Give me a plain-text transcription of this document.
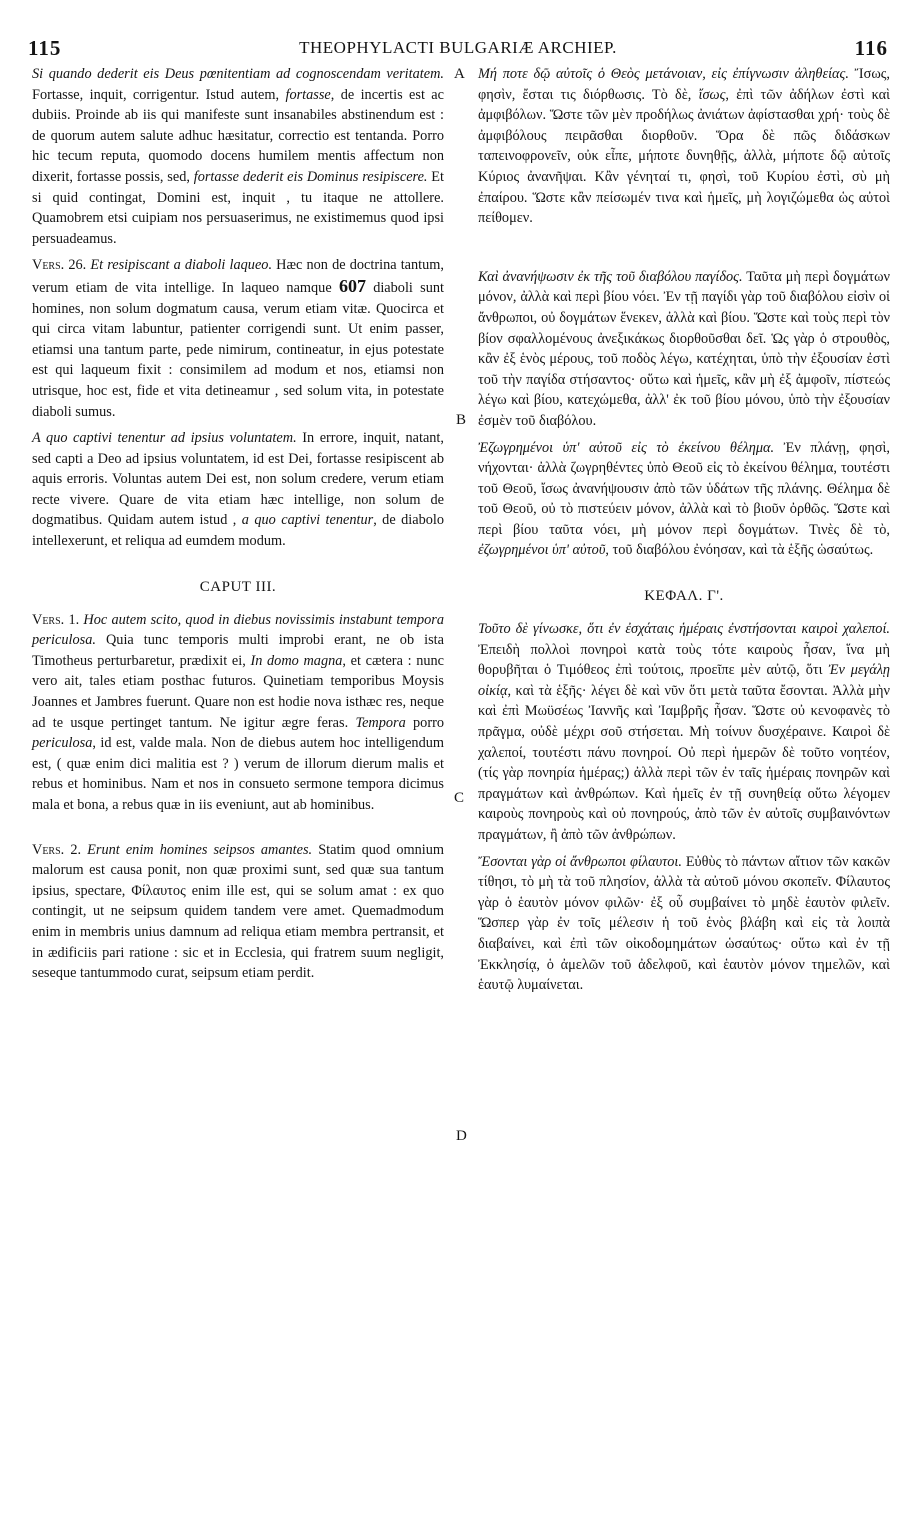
115	THEOPHYLACTI BULGARIÆ ARCHIEP.	116
A
B
C
D

Si quando dederit eis Deus pœnitentiam ad cognoscendam veritatem. Fortasse, inquit, corrigentur. Istud autem, fortasse, de incertis est ac dubiis. Proinde ab iis qui manifeste sunt insanabiles abstinendum est : de quorum autem salute adhuc hæsitatur, correctio est tentanda. Porro hic tecum reputa, quomodo docens humilem mentis affectum non dixerit, fortasse possis, sed, fortasse dederit eis Dominus resipiscere. Et si quid contingat, Domini est, inquit , tu itaque ne attollere. Quamobrem etsi cuipiam nos persuaserimus, ne existimemus quod ipsi persuadeamus.

Vers. 26. Et resipiscant a diaboli laqueo. Hæc non de doctrina tantum, verum etiam de vita intellige. In laqueo namque 607 diaboli sunt homines, non solum dogmatum causa, verum etiam vitæ. Quocirca et qui circa vitam labuntur, patienter corrigendi sunt. Ut enim passer, etiamsi una tantum parte, pede nimirum, contineatur, in ejus potestate est qui laqueum fixit : consimilem ad modum et nos, etiamsi non utrisque, hoc est, fide et vita detineamur , sed solum vita, in potestate diaboli sumus.

A quo captivi tenentur ad ipsius voluntatem. In errore, inquit, natant, sed capti a Deo ad ipsius voluntatem, id est Dei, fortasse resipiscent ab aquis erroris. Voluntas autem Dei est, non solum credere, verum etiam recte vivere. Quare de vita etiam hæc intellige, non solum de dogmatibus. Quidam autem istud , a quo captivi tenentur, de diabolo intellexerunt, et reliqua ad eumdem modum.

CAPUT III.

Vers. 1. Hoc autem scito, quod in diebus novissimis instabunt tempora periculosa. Quia tunc temporis multi improbi erant, ne ob ista Timotheus perturbaretur, prædixit ei, In domo magna, et cætera : nunc vero ait, tales etiam posthac futuros. Quinetiam temporibus Moysis Joannes et Jambres fuerunt. Quare non est hodie nova isthæc res, neque ad te usque pertinget tantum. Ne igitur ægre feras. Tempora porro periculosa, id est, valde mala. Non de diebus autem hoc intelligendum est, ( quæ enim dici malitia est ? ) verum de illorum dierum malis et rebus et hominibus. Nam et nos in consueto sermone tempora dicimus mala et bona, a rebus quæ in iis eveniunt, aut ab hominibus.

Vers. 2. Erunt enim homines seipsos amantes. Statim quod omnium malorum est causa ponit, non quæ proximi sunt, sed quæ sua tantum ipsius, spectare, Φίλαυτος enim ille est, qui se solum amat : ex quo contingit, ut ne seipsum quidem tandem vere amet. Quemadmodum enim in membris unius damnum ad reliqua etiam membra pertransit, et in ædificiis pari ratione : sic et in Ecclesia, qui fratrem suum negligit, seseque tantummodo curat, seipsum etiam perdit.

Μή ποτε δῷ αὐτοῖς ὁ Θεὸς μετάνοιαν, εἰς ἐπίγνωσιν ἀληθείας. Ἴσως, φησὶν, ἔσται τις διόρθωσις. Τὸ δὲ, ἴσως, ἐπὶ τῶν ἀδήλων ἐστὶ καὶ ἀμφιβόλων. Ὥστε τῶν μὲν προδήλως ἀνιάτων ἀφίστασθαι χρή· τοὺς δὲ ἀμφιβόλους πειρᾶσθαι διορθοῦν. Ὅρα δὲ πῶς διδάσκων ταπεινοφρονεῖν, οὐκ εἶπε, μήποτε δυνηθῇς, ἀλλὰ, μήποτε δῷ αὐτοῖς Κύριος ἀνανῆψαι. Κἂν γένηταί τι, φησὶ, τοῦ Κυρίου ἐστὶ, σὺ μὴ ἐπαίρου. Ὥστε κἂν πείσωμέν τινα καὶ ἡμεῖς, μὴ λογιζώμεθα ὡς αὐτοὶ πείθομεν.

Καὶ ἀνανήψωσιν ἐκ τῆς τοῦ διαβόλου παγίδος. Ταῦτα μὴ περὶ δογμάτων μόνον, ἀλλὰ καὶ περὶ βίου νόει. Ἐν τῇ παγίδι γὰρ τοῦ διαβόλου εἰσὶν οἱ ἄνθρωποι, οὐ δογμάτων ἕνεκεν, ἀλλὰ καὶ βίου. Ὥστε καὶ τοὺς περὶ τὸν βίον σφαλλομένους ἀνεξικάκως διορθοῦσθαι δεῖ. Ὡς γὰρ ὁ στρουθὸς, κἂν ἐξ ἑνὸς μέρους, τοῦ ποδὸς λέγω, κατέχηται, ὑπὸ τὴν ἐξουσίαν ἐστὶ τοῦ τὴν παγίδα στήσαντος· οὕτω καὶ ἡμεῖς, κἂν μὴ ἐξ ἀμφοῖν, πίστεώς λέγω καὶ βίου, κατεχώμεθα, ἀλλ' ἐκ τοῦ βίου μόνου, ὑπὸ τὴν ἐξουσίαν ἐσμὲν τοῦ διαβόλου.

Ἐζωγρημένοι ὑπ' αὐτοῦ εἰς τὸ ἐκείνου θέλημα. Ἐν πλάνῃ, φησὶ, νήχονται· ἀλλὰ ζωγρηθέντες ὑπὸ Θεοῦ εἰς τὸ ἐκείνου θέλημα, τουτέστι τοῦ Θεοῦ, ἴσως ἀνανήψουσιν ἀπὸ τῶν ὑδάτων τῆς πλάνης. Θέλημα δὲ τοῦ Θεοῦ, οὐ τὸ πιστεύειν μόνον, ἀλλὰ καὶ τὸ βιοῦν ὀρθῶς. Ὥστε καὶ περὶ βίου ταῦτα νόει, μὴ μόνον περὶ δογμάτων. Τινὲς δὲ τὸ, ἐζωγρημένοι ὑπ' αὐτοῦ, τοῦ διαβόλου ἐνόησαν, καὶ τὰ ἑξῆς ὡσαύτως.

ΚΕΦΑΛ. Γ'.

Τοῦτο δὲ γίνωσκε, ὅτι ἐν ἐσχάταις ἡμέραις ἐνστήσονται καιροὶ χαλεποί. Ἐπειδὴ πολλοὶ πονηροὶ κατὰ τοὺς τότε καιροὺς ἦσαν, ἵνα μὴ θορυβῆται ὁ Τιμόθεος ἐπὶ τούτοις, προεῖπε μὲν αὐτῷ, ὅτι Ἐν μεγάλῃ οἰκίᾳ, καὶ τὰ ἑξῆς· λέγει δὲ καὶ νῦν ὅτι μετὰ ταῦτα ἔσονται. Ἀλλὰ μὴν καὶ ἐπὶ Μωϋσέως Ἰαννῆς καὶ Ἰαμβρῆς ἦσαν. Ὥστε οὐ κενοφανὲς τὸ πρᾶγμα, οὐδὲ μέχρι σοῦ στήσεται. Μὴ τοίνυν δυσχέραινε. Καιροὶ δὲ χαλεποί, τουτέστι πάνυ πονηροί. Οὐ περὶ ἡμερῶν δὲ τοῦτο νοητέον, (τίς γὰρ πονηρία ἡμέρας;) ἀλλὰ περὶ τῶν ἐν ταῖς ἡμέραις πονηρῶν καὶ πραγμάτων καὶ ἀνθρώπων. Καὶ ἡμεῖς ἐν τῇ συνηθείᾳ οὕτω λέγομεν καιροὺς πονηροὺς καὶ οὐ πονηρούς, ἀπὸ τῶν ἐν αὐτοῖς συμβαινόντων πραγμάτων, ἢ ἀπὸ τῶν ἀνθρώπων.

Ἔσονται γὰρ οἱ ἄνθρωποι φίλαυτοι. Εὐθὺς τὸ πάντων αἴτιον τῶν κακῶν τίθησι, τὸ μὴ τὰ τοῦ πλησίον, ἀλλὰ τὰ αὐτοῦ μόνου σκοπεῖν. Φίλαυτος γὰρ ὁ ἑαυτὸν μόνον φιλῶν· ἐξ οὗ συμβαίνει τὸ μηδὲ ἑαυτὸν φιλεῖν. Ὥσπερ γὰρ ἐν τοῖς μέλεσιν ἡ τοῦ ἑνὸς βλάβη καὶ εἰς τὰ λοιπὰ διαβαίνει, καὶ ἐπὶ τῶν οἰκοδομημάτων ὡσαύτως· οὕτω καὶ ἐν τῇ Ἐκκλησίᾳ, ὁ ἀμελῶν τοῦ ἀδελφοῦ, καὶ ἑαυτὸν μόνον τημελῶν, καὶ ἑαυτῷ λυμαίνεται.
